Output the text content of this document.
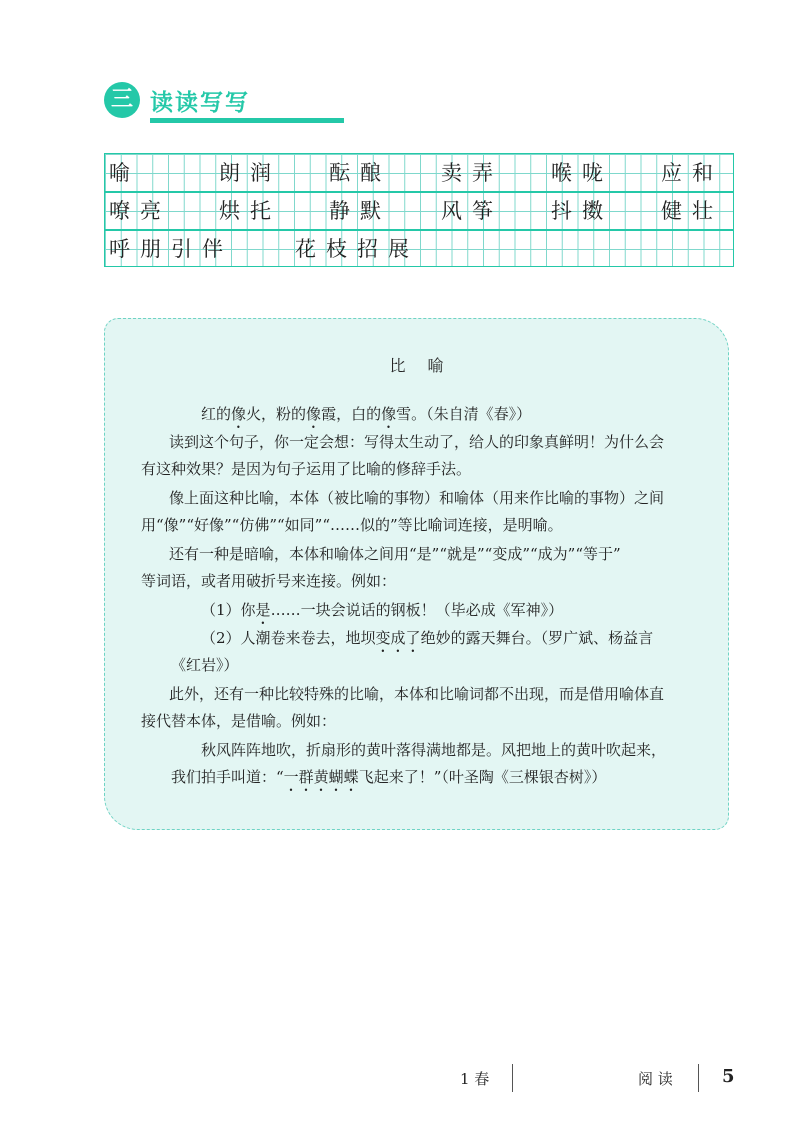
三 读读写写
喻	朗润 酝酿 卖弄 喉咙 应和
嘹亮 烘托 静默 风筝 抖擞 健壮
呼朋引伴	花枝招展
比喻
红的像火，粉的像霞，白的像雪。（朱自清《春》）
读到这个句子，你一定会想：写得太生动了，给人的印象真鲜明！为什么会
有这种效果？是因为句子运用了比喻的修辞手法。
像上面这种比喻，本体（被比喻的事物）和喻体（用来作比喻的事物）之间
用“像”“好像”“仿佛”“如同”“……似的”等比喻词连接，是明喻。
还有一种是暗喻，本体和喻体之间用“是”“就是”“变成”“成为”“等于”
等词语，或者用破折号来连接。例如：
（1）你是……一块会说话的钢板！（毕必成《军神》）
（2）人潮卷来卷去，地坝变成了绝妙的露天舞台。（罗广斌、杨益言
《红岩》）
此外，还有一种比较特殊的比喻，本体和比喻词都不出现，而是借用喻体直
接代替本体，是借喻。例如：
秋风阵阵地吹，折扇形的黄叶落得满地都是。风把地上的黄叶吹起来，
我们拍手叫道：“一群黄蝴蝶飞起来了！”（叶圣陶《三棵银杏树》）
1 春	阅 读	5
